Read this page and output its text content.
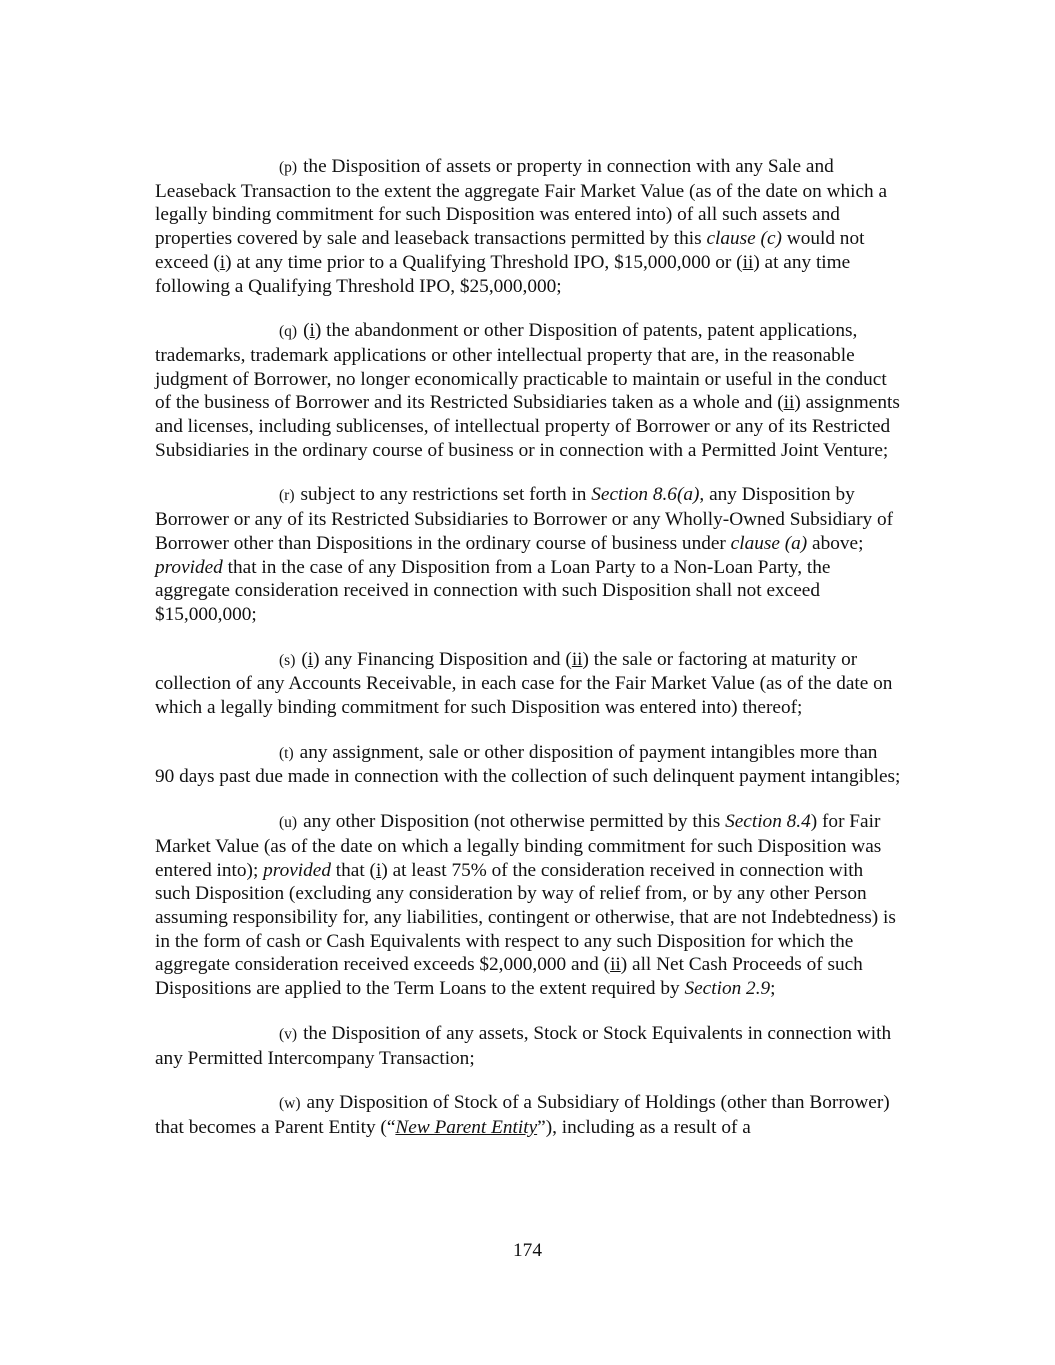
(p) the Disposition of assets or property in connection with any Sale and Leaseback Transaction to the extent the aggregate Fair Market Value (as of the date on which a legally binding commitment for such Disposition was entered into) of all such assets and properties covered by sale and leaseback transactions permitted by this clause (c) would not exceed (i) at any time prior to a Qualifying Threshold IPO, $15,000,000 or (ii) at any time following a Qualifying Threshold IPO, $25,000,000;

(q) (i) the abandonment or other Disposition of patents, patent applications, trademarks, trademark applications or other intellectual property that are, in the reasonable judgment of Borrower, no longer economically practicable to maintain or useful in the conduct of the business of Borrower and its Restricted Subsidiaries taken as a whole and (ii) assignments and licenses, including sublicenses, of intellectual property of Borrower or any of its Restricted Subsidiaries in the ordinary course of business or in connection with a Permitted Joint Venture;

(r) subject to any restrictions set forth in Section 8.6(a), any Disposition by Borrower or any of its Restricted Subsidiaries to Borrower or any Wholly-Owned Subsidiary of Borrower other than Dispositions in the ordinary course of business under clause (a) above; provided that in the case of any Disposition from a Loan Party to a Non-Loan Party, the aggregate consideration received in connection with such Disposition shall not exceed $15,000,000;

(s) (i) any Financing Disposition and (ii) the sale or factoring at maturity or collection of any Accounts Receivable, in each case for the Fair Market Value (as of the date on which a legally binding commitment for such Disposition was entered into) thereof;

(t) any assignment, sale or other disposition of payment intangibles more than 90 days past due made in connection with the collection of such delinquent payment intangibles;

(u) any other Disposition (not otherwise permitted by this Section 8.4) for Fair Market Value (as of the date on which a legally binding commitment for such Disposition was entered into); provided that (i) at least 75% of the consideration received in connection with such Disposition (excluding any consideration by way of relief from, or by any other Person assuming responsibility for, any liabilities, contingent or otherwise, that are not Indebtedness) is in the form of cash or Cash Equivalents with respect to any such Disposition for which the aggregate consideration received exceeds $2,000,000 and (ii) all Net Cash Proceeds of such Dispositions are applied to the Term Loans to the extent required by Section 2.9;

(v) the Disposition of any assets, Stock or Stock Equivalents in connection with any Permitted Intercompany Transaction;

(w) any Disposition of Stock of a Subsidiary of Holdings (other than Borrower) that becomes a Parent Entity (“New Parent Entity”), including as a result of a

174
